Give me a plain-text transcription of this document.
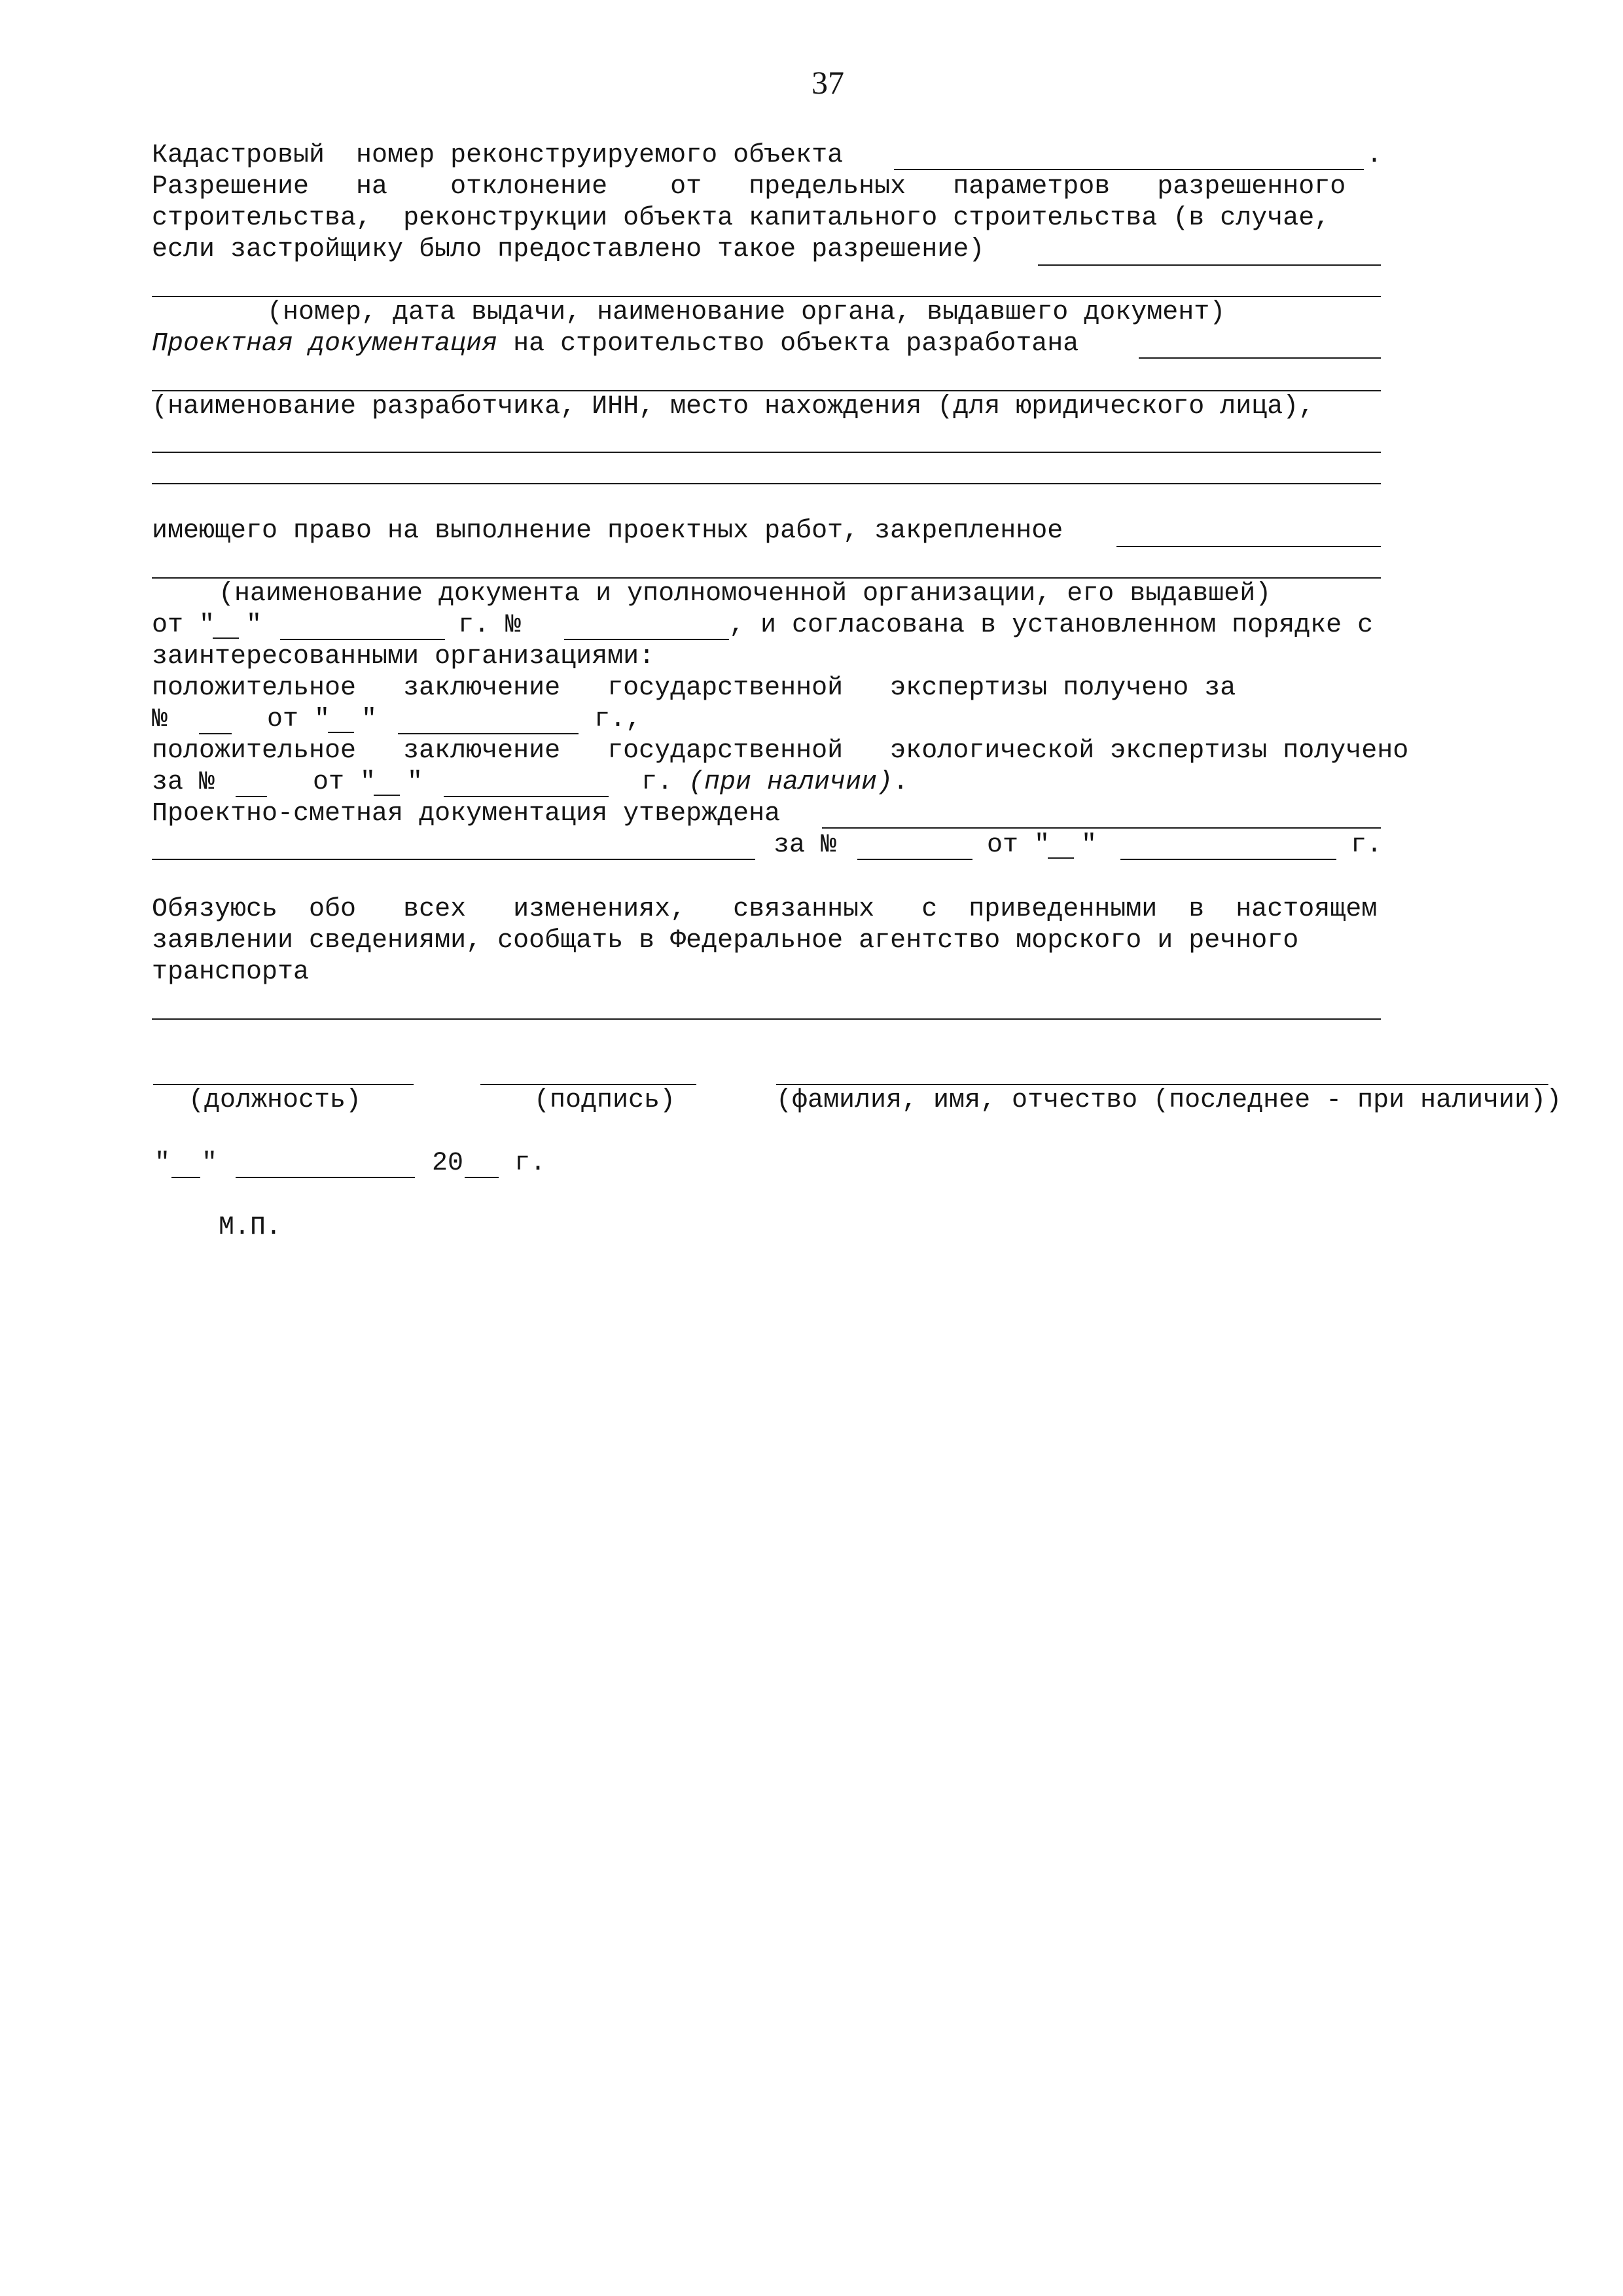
37
Кадастровый  номер реконструируемого объекта	.
Разрешение   на    отклонение    от   предельных   параметров   разрешенного
строительства,  реконструкции объекта капитального строительства (в случае,
если застройщику было предоставлено такое разрешение)
(номер, дата выдачи, наименование органа, выдавшего документ)
Проектная документация на строительство объекта разработана
(наименование разработчика, ИНН, место нахождения (для юридического лица),
имеющего право на выполнение проектных работ, закрепленное
(наименование документа и уполномоченной организации, его выдавшей)
от "  "	г. №	, и согласована в установленном порядке с
заинтересованными организациями:
положительное   заключение   государственной   экспертизы получено за
№	от "  "	г.,
положительное   заключение   государственной   экологической экспертизы получено
за №	от "  "	г. (при наличии).
Проектно-сметная документация утверждена
за №	от "  "	г.
Обязуюсь  обо   всех   изменениях,   связанных   с  приведенными  в  настоящем
заявлении сведениями, сообщать в Федеральное агентство морского и речного
транспорта
(должность)	(подпись)	(фамилия, имя, отчество (последнее - при наличии))
"  "	20 г.
М.П.
